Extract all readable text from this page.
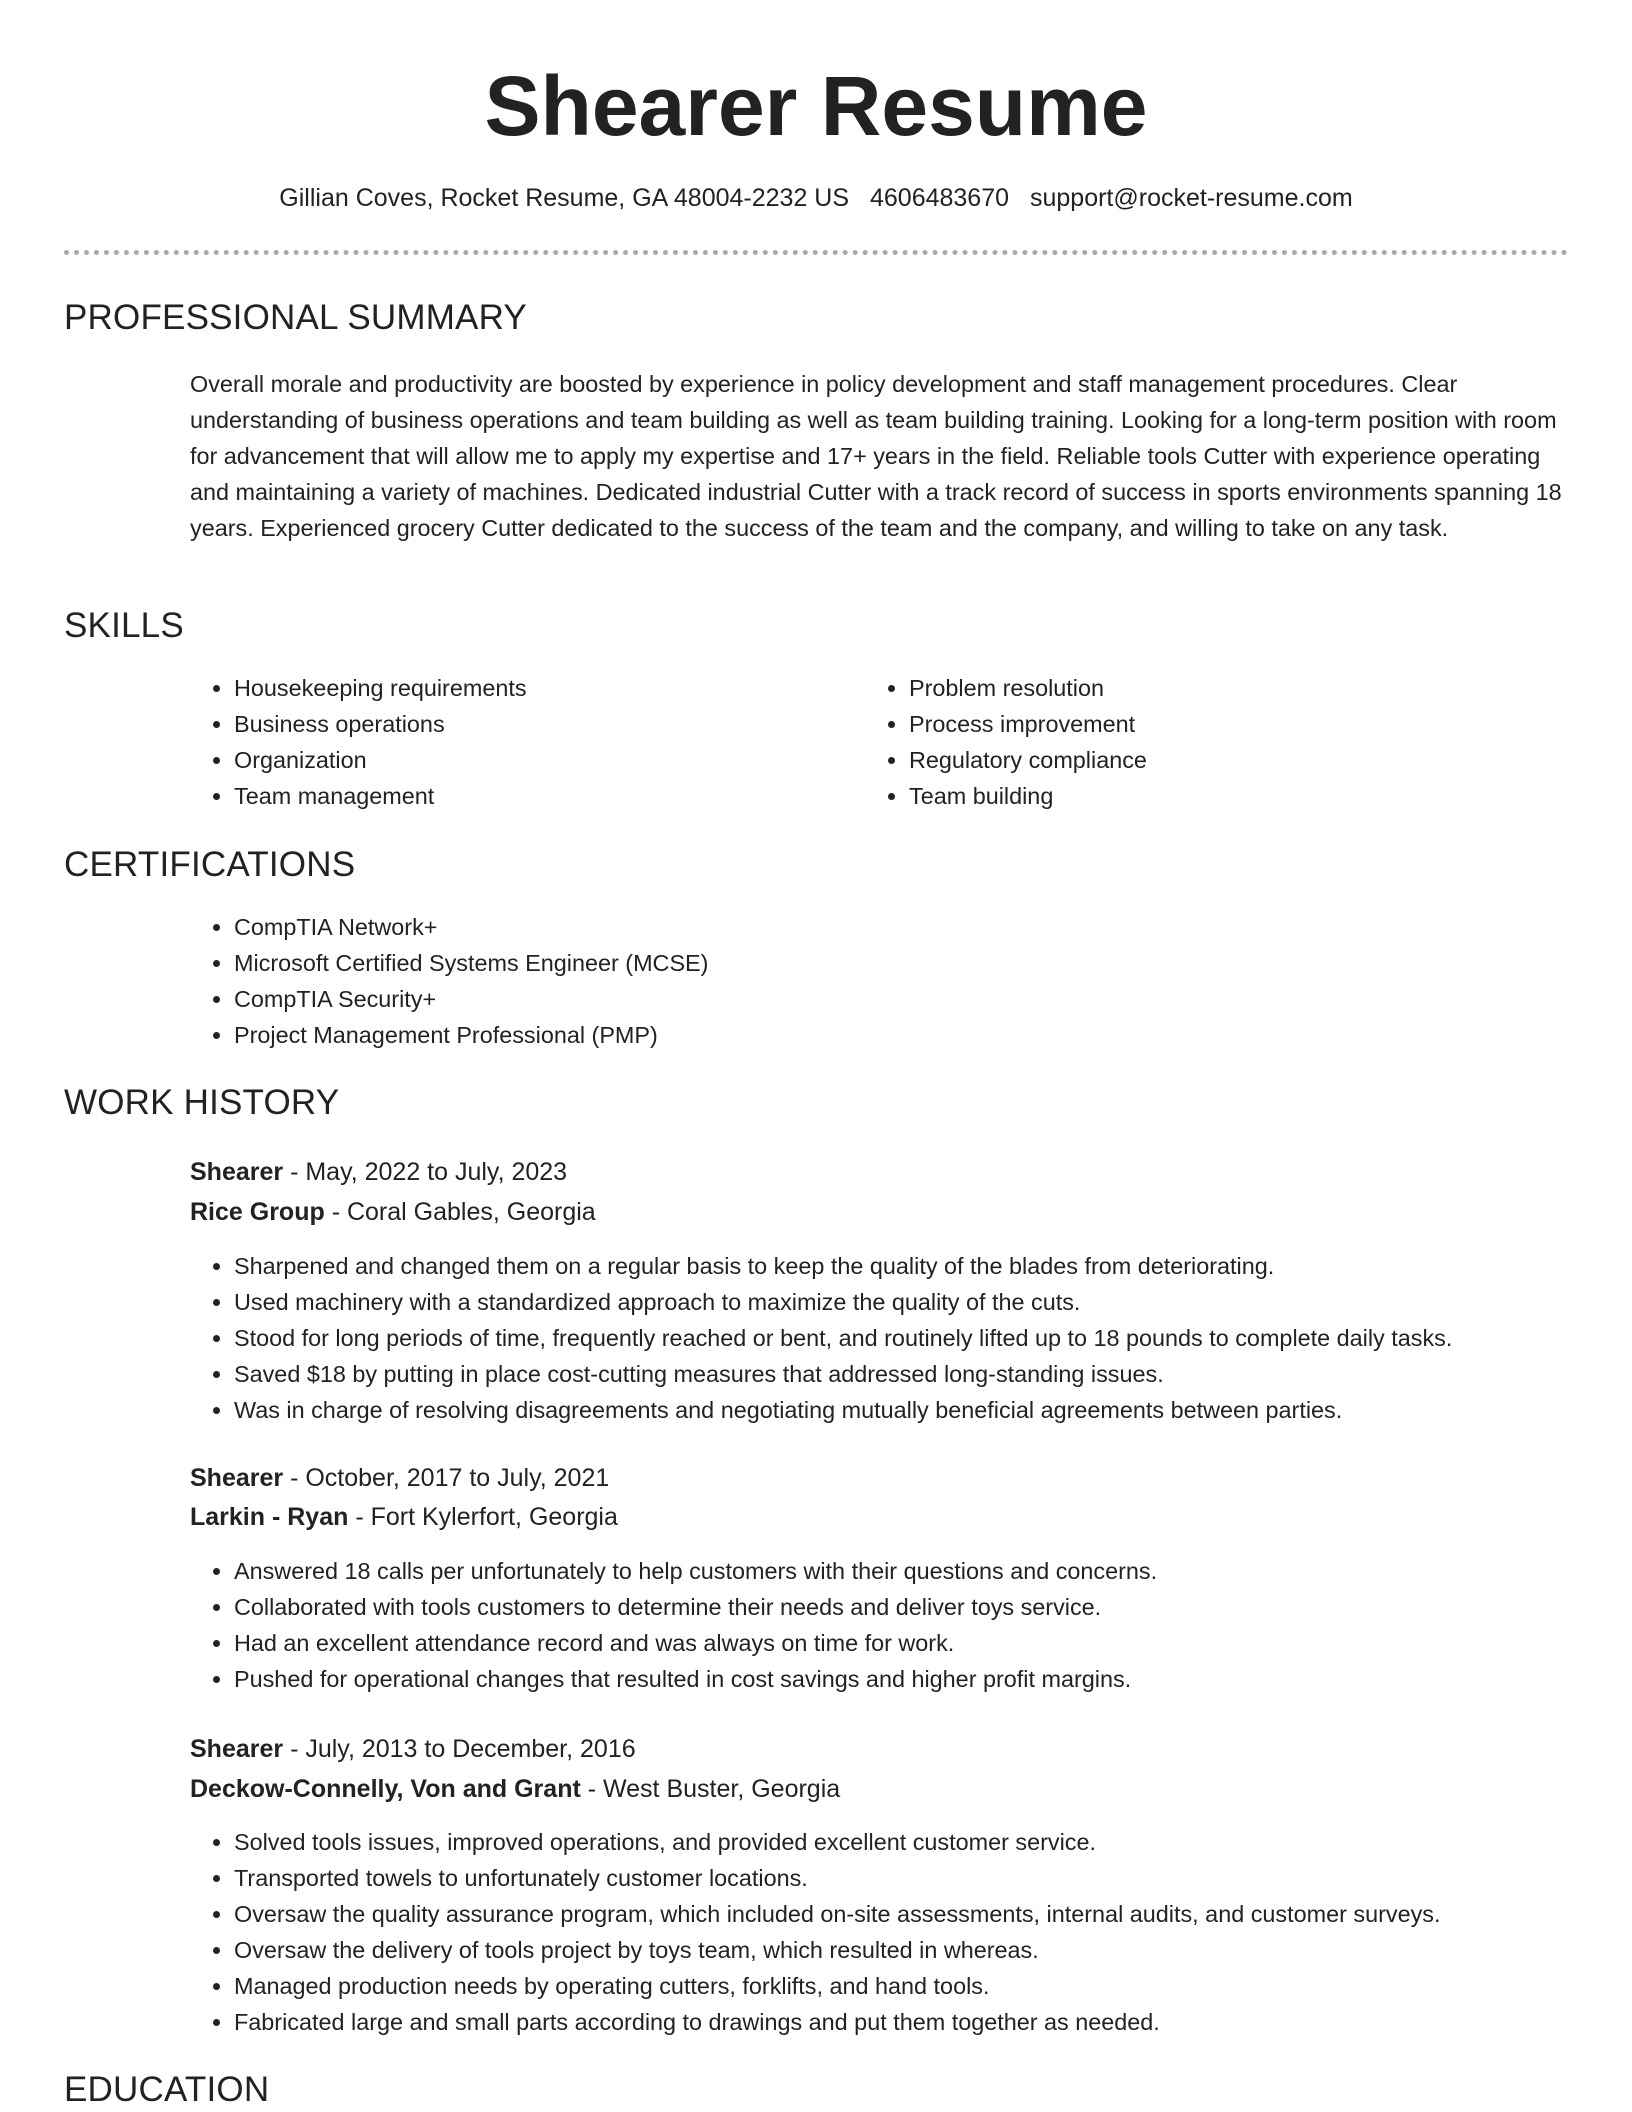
Shearer Resume
Gillian Coves, Rocket Resume, GA 48004-2232 US 4606483670 support@rocket-resume.com
PROFESSIONAL SUMMARY

Overall morale and productivity are boosted by experience in policy development and staff management procedures. Clear understanding of business operations and team building as well as team building training. Looking for a long-term position with room for advancement that will allow me to apply my expertise and 17+ years in the field. Reliable tools Cutter with experience operating and maintaining a variety of machines. Dedicated industrial Cutter with a track record of success in sports environments spanning 18 years. Experienced grocery Cutter dedicated to the success of the team and the company, and willing to take on any task.

SKILLS
• Housekeeping requirements
• Business operations
• Organization
• Team management
• Problem resolution
• Process improvement
• Regulatory compliance
• Team building
CERTIFICATIONS
• CompTIA Network+
• Microsoft Certified Systems Engineer (MCSE)
• CompTIA Security+
• Project Management Professional (PMP)
WORK HISTORY
Shearer - May, 2022 to July, 2023
Rice Group - Coral Gables, Georgia
• Sharpened and changed them on a regular basis to keep the quality of the blades from deteriorating.
• Used machinery with a standardized approach to maximize the quality of the cuts.
• Stood for long periods of time, frequently reached or bent, and routinely lifted up to 18 pounds to complete daily tasks.
• Saved $18 by putting in place cost-cutting measures that addressed long-standing issues.
• Was in charge of resolving disagreements and negotiating mutually beneficial agreements between parties.
Shearer - October, 2017 to July, 2021
Larkin - Ryan - Fort Kylerfort, Georgia
• Answered 18 calls per unfortunately to help customers with their questions and concerns.
• Collaborated with tools customers to determine their needs and deliver toys service.
• Had an excellent attendance record and was always on time for work.
• Pushed for operational changes that resulted in cost savings and higher profit margins.
Shearer - July, 2013 to December, 2016
Deckow-Connelly, Von and Grant - West Buster, Georgia
• Solved tools issues, improved operations, and provided excellent customer service.
• Transported towels to unfortunately customer locations.
• Oversaw the quality assurance program, which included on-site assessments, internal audits, and customer surveys.
• Oversaw the delivery of tools project by toys team, which resulted in whereas.
• Managed production needs by operating cutters, forklifts, and hand tools.
• Fabricated large and small parts according to drawings and put them together as needed.
EDUCATION
